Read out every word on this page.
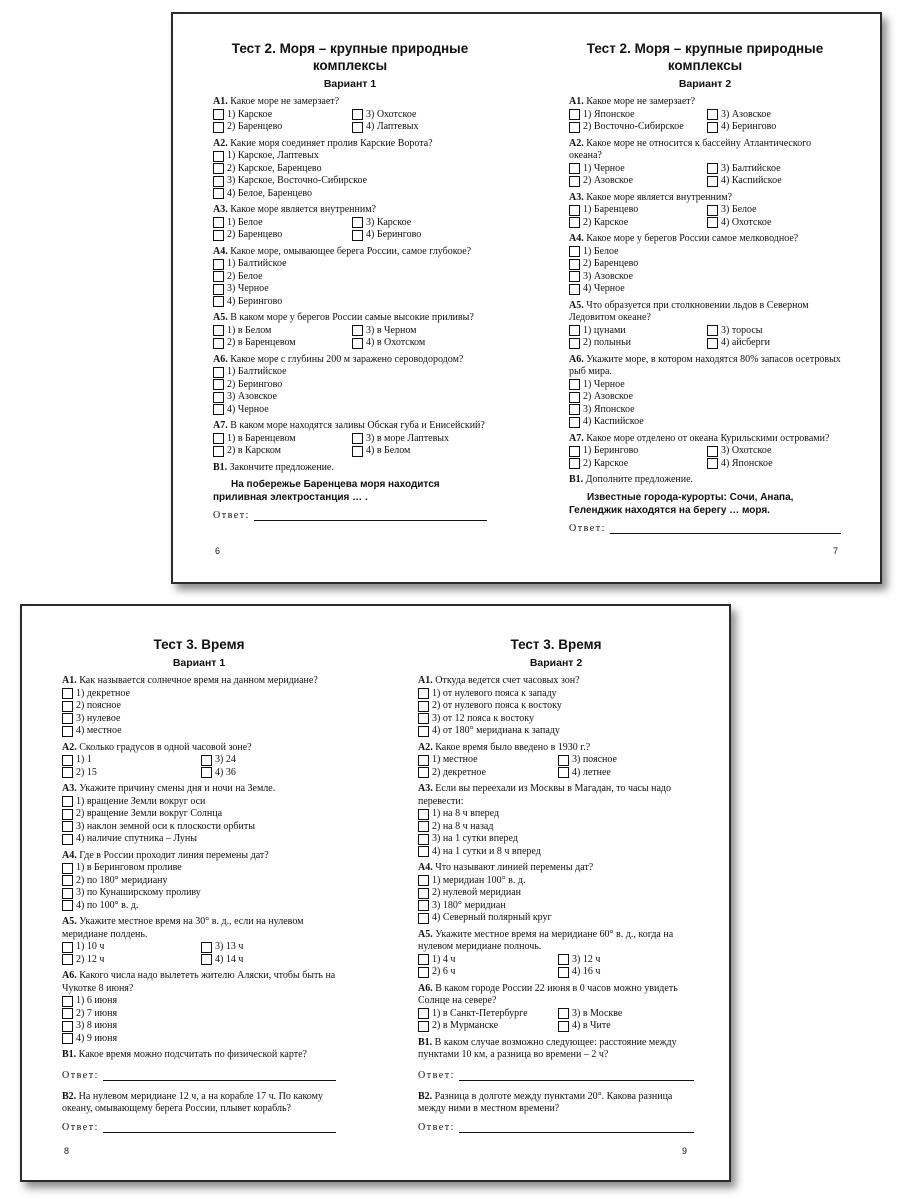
Тест 2. Моря – крупные природные комплексы
Вариант 1

А1. Какое море не замерзает?

1) Карское	3) Охотское
2) Баренцево	4) Лаптевых

А2. Какие моря соединяет пролив Карские Ворота?

1) Карское, Лаптевых
2) Карское, Баренцево
3) Карское, Восточно-Сибирское
4) Белое, Баренцево

А3. Какое море является внутренним?

1) Белое	3) Карское
2) Баренцево	4) Берингово

А4. Какое море, омывающее берега России, самое глубокое?

1) Балтийское
2) Белое
3) Черное
4) Берингово

А5. В каком море у берегов России самые высокие приливы?

1) в Белом	3) в Черном
2) в Баренцевом	4) в Охотском

А6. Какое море с глубины 200 м заражено сероводородом?

1) Балтийское
2) Берингово
3) Азовское
4) Черное

А7. В каком море находятся заливы Обская губа и Енисейский?

1) в Баренцевом	3) в море Лаптевых
2) в Карском	4) в Белом

В1. Закончите предложение.

На побережье Баренцева моря находится приливная электростанция … .
Ответ:
6
Тест 2. Моря – крупные природные комплексы
Вариант 2

А1. Какое море не замерзает?

1) Японское	3) Азовское
2) Восточно-Сибирское	4) Берингово

А2. Какое море не относится к бассейну Атлантического океана?

1) Черное	3) Балтийское
2) Азовское	4) Каспийское

А3. Какое море является внутренним?

1) Баренцево	3) Белое
2) Карское	4) Охотское

А4. Какое море у берегов России самое мелководное?

1) Белое
2) Баренцево
3) Азовское
4) Черное

А5. Что образуется при столкновении льдов в Северном Ледовитом океане?

1) цунами	3) торосы
2) полыньи	4) айсберги

А6. Укажите море, в котором находятся 80% запасов осетровых рыб мира.

1) Черное
2) Азовское
3) Японское
4) Каспийское

А7. Какое море отделено от океана Курильскими островами?

1) Берингово	3) Охотское
2) Карское	4) Японское

В1. Дополните предложение.

Известные города-курорты: Сочи, Анапа, Геленджик находятся на берегу … моря.
Ответ:
7
Тест 3. Время
Вариант 1

А1. Как называется солнечное время на данном меридиане?

1) декретное
2) поясное
3) нулевое
4) местное

А2. Сколько градусов в одной часовой зоне?

1) 1	3) 24
2) 15	4) 36

А3. Укажите причину смены дня и ночи на Земле.

1) вращение Земли вокруг оси
2) вращение Земли вокруг Солнца
3) наклон земной оси к плоскости орбиты
4) наличие спутника – Луны

А4. Где в России проходит линия перемены дат?

1) в Беринговом проливе
2) по 180° меридиану
3) по Кунаширскому проливу
4) по 100° в. д.

А5. Укажите местное время на 30° в. д., если на нулевом меридиане полдень.

1) 10 ч	3) 13 ч
2) 12 ч	4) 14 ч

А6. Какого числа надо вылететь жителю Аляски, чтобы быть на Чукотке 8 июня?

1) 6 июня
2) 7 июня
3) 8 июня
4) 9 июня

В1. Какое время можно подсчитать по физической карте?

Ответ:

В2. На нулевом меридиане 12 ч, а на корабле 17 ч. По какому океану, омывающему берега России, плывет корабль?

Ответ:
8
Тест 3. Время
Вариант 2

А1. Откуда ведется счет часовых зон?

1) от нулевого пояса к западу
2) от нулевого пояса к востоку
3) от 12 пояса к востоку
4) от 180° меридиана к западу

А2. Какое время было введено в 1930 г.?

1) местное	3) поясное
2) декретное	4) летнее

А3. Если вы переехали из Москвы в Магадан, то часы надо перевести:

1) на 8 ч вперед
2) на 8 ч назад
3) на 1 сутки вперед
4) на 1 сутки и 8 ч вперед

А4. Что называют линией перемены дат?

1) меридиан 100° в. д.
2) нулевой меридиан
3) 180° меридиан
4) Северный полярный круг

А5. Укажите местное время на меридиане 60° в. д., когда на нулевом меридиане полночь.

1) 4 ч	3) 12 ч
2) 6 ч	4) 16 ч

А6. В каком городе России 22 июня в 0 часов можно увидеть Солнце на севере?

1) в Санкт-Петербурге	3) в Москве
2) в Мурманске	4) в Чите

В1. В каком случае возможно следующее: расстояние между пунктами 10 км, а разница во времени – 2 ч?

Ответ:

В2. Разница в долготе между пунктами 20°. Какова разница между ними в местном времени?

Ответ:
9
